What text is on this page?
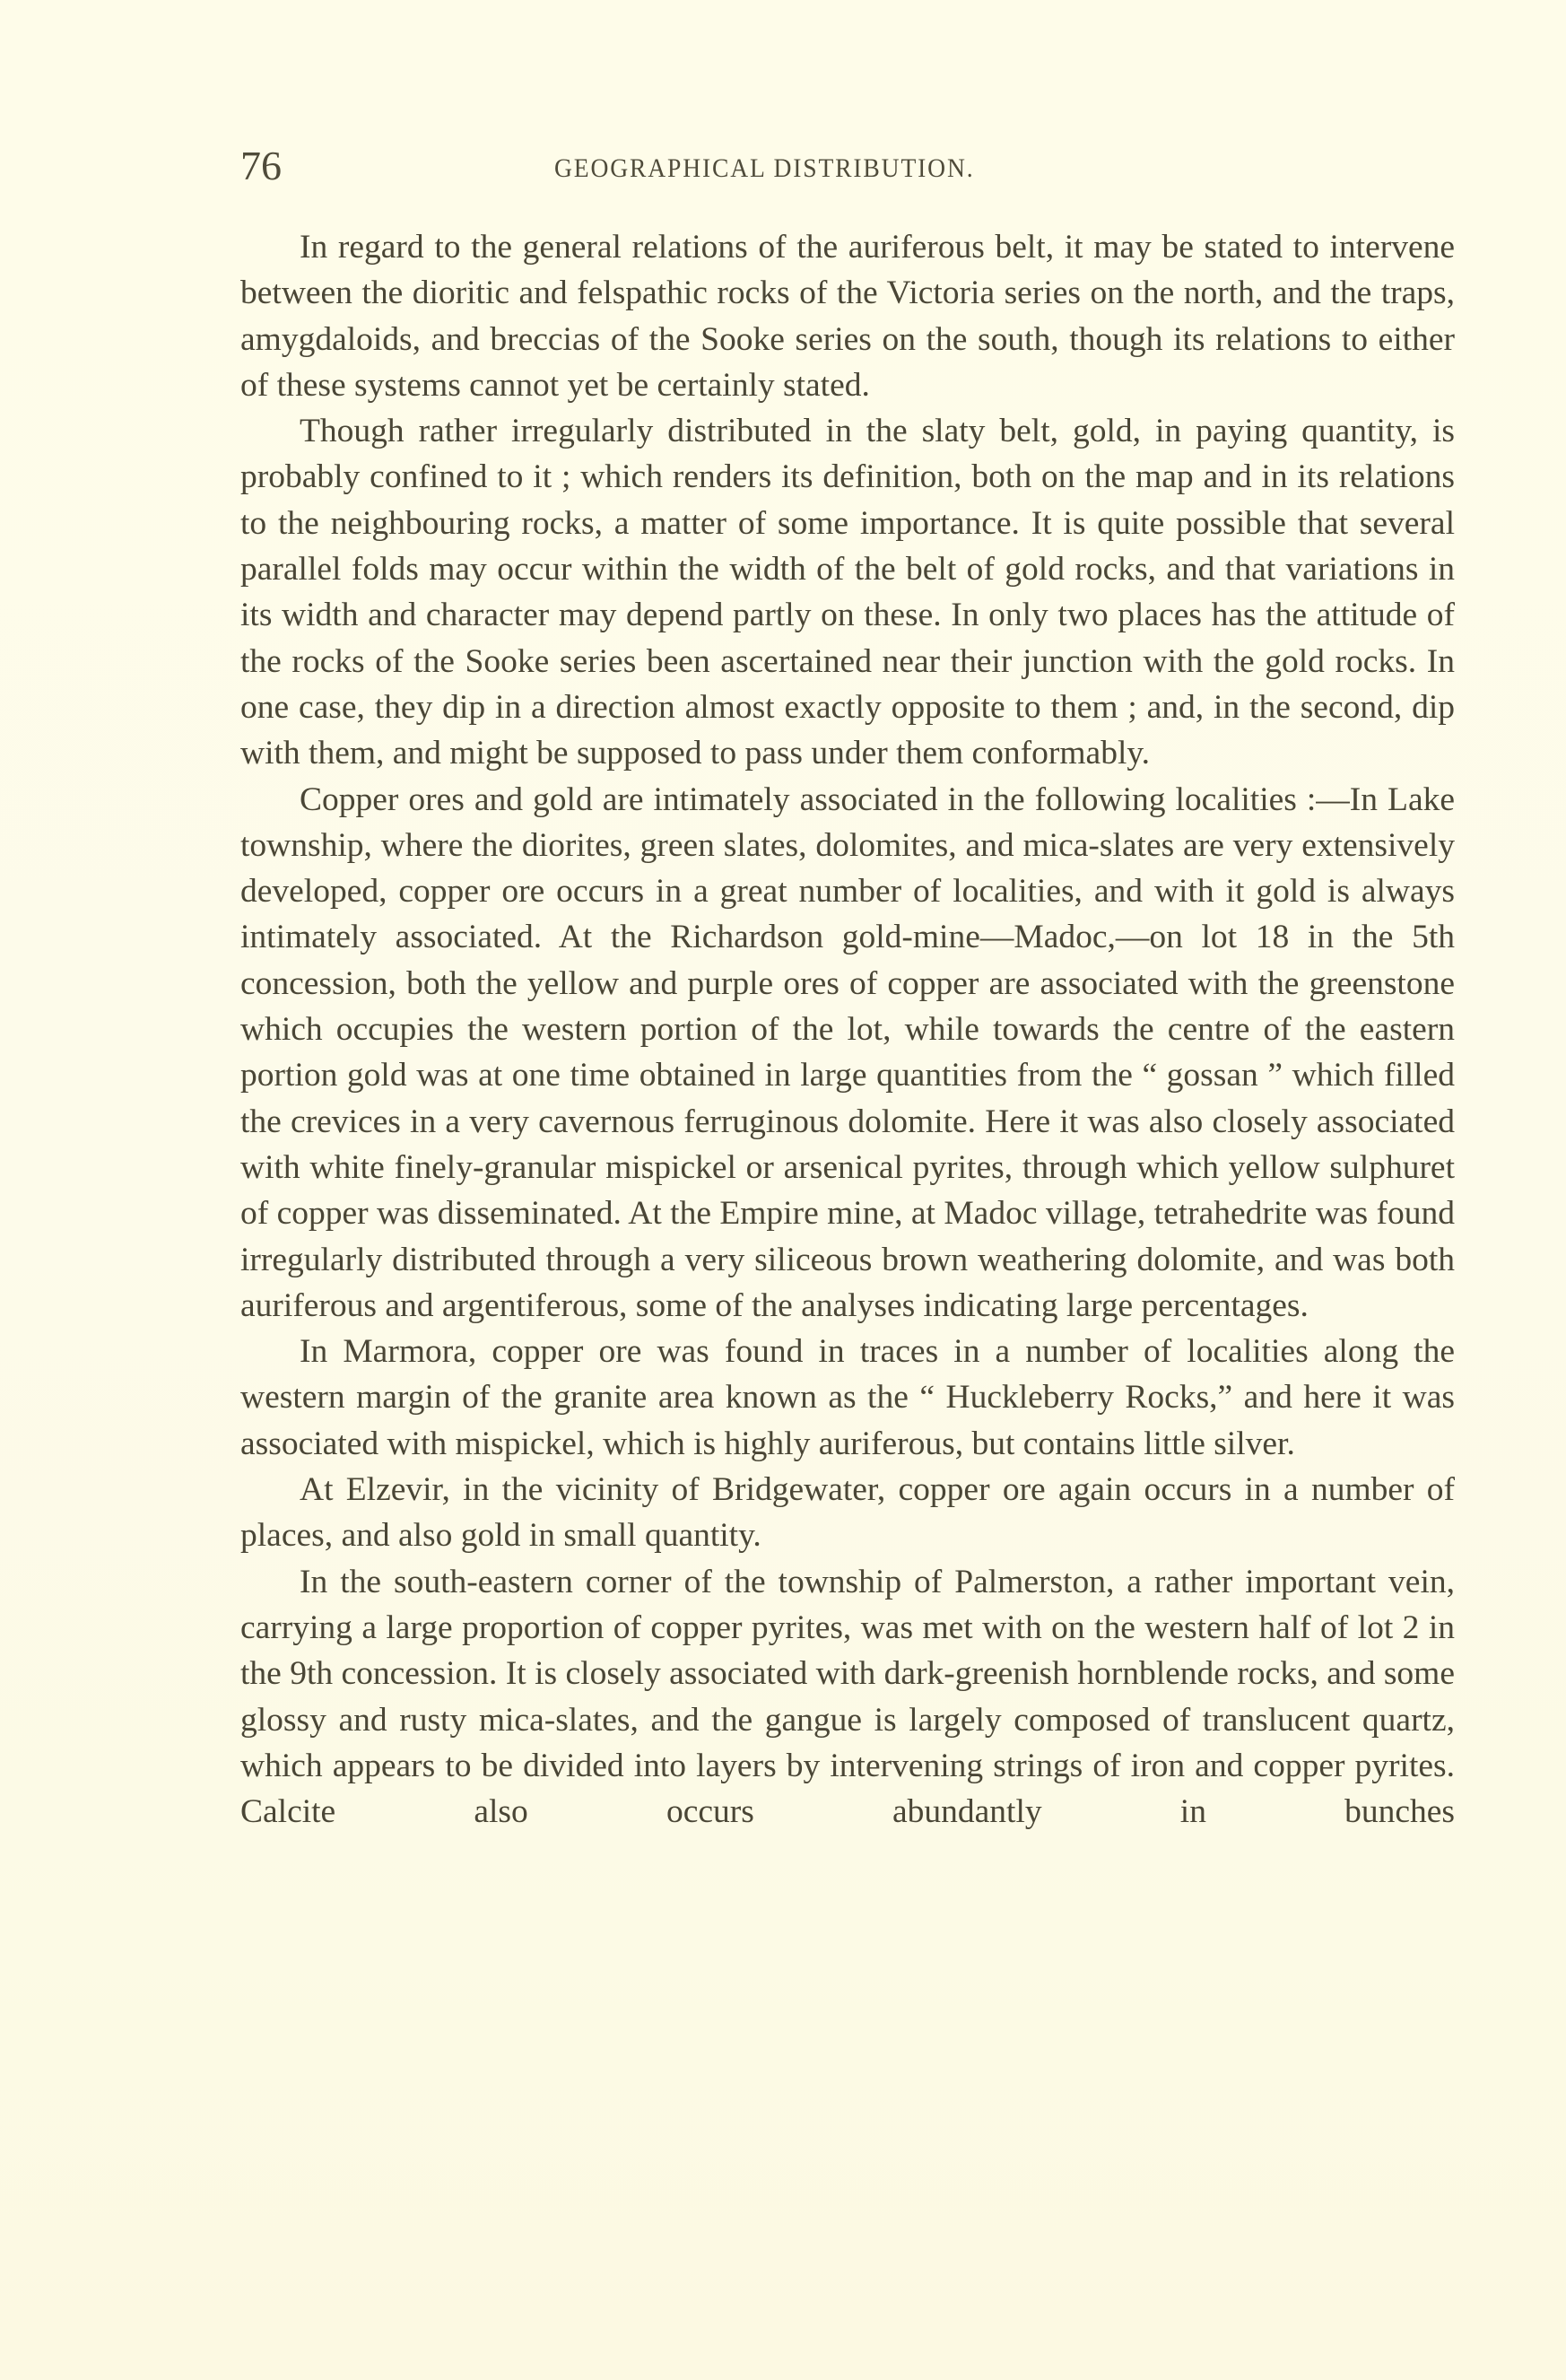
76	GEOGRAPHICAL DISTRIBUTION.

In regard to the general relations of the auriferous belt, it may be stated to intervene between the dioritic and felspathic rocks of the Victoria series on the north, and the traps, amygdaloids, and breccias of the Sooke series on the south, though its relations to either of these systems cannot yet be certainly stated.

Though rather irregularly distributed in the slaty belt, gold, in paying quantity, is probably confined to it ; which renders its definition, both on the map and in its relations to the neighbouring rocks, a matter of some importance. It is quite possible that several parallel folds may occur within the width of the belt of gold rocks, and that variations in its width and character may depend partly on these. In only two places has the attitude of the rocks of the Sooke series been ascertained near their junction with the gold rocks. In one case, they dip in a direction almost exactly opposite to them ; and, in the second, dip with them, and might be supposed to pass under them conformably.

Copper ores and gold are intimately associated in the following localities :—In Lake township, where the diorites, green slates, dolomites, and mica-slates are very extensively developed, copper ore occurs in a great number of localities, and with it gold is always intimately associated. At the Richardson gold-mine—Madoc,—on lot 18 in the 5th concession, both the yellow and purple ores of copper are associated with the greenstone which occupies the western portion of the lot, while towards the centre of the eastern portion gold was at one time obtained in large quantities from the “ gossan ” which filled the crevices in a very cavernous ferruginous dolomite. Here it was also closely associated with white finely-granular mispickel or arsenical pyrites, through which yellow sulphuret of copper was disseminated. At the Empire mine, at Madoc village, tetrahedrite was found irregularly distributed through a very siliceous brown weathering dolomite, and was both auriferous and argentiferous, some of the analyses indicating large percentages.

In Marmora, copper ore was found in traces in a number of localities along the western margin of the granite area known as the “ Huckleberry Rocks,” and here it was associated with mispickel, which is highly auriferous, but contains little silver.

At Elzevir, in the vicinity of Bridgewater, copper ore again occurs in a number of places, and also gold in small quantity.

In the south-eastern corner of the township of Palmerston, a rather important vein, carrying a large proportion of copper pyrites, was met with on the western half of lot 2 in the 9th concession. It is closely associated with dark-greenish hornblende rocks, and some glossy and rusty mica-slates, and the gangue is largely composed of translucent quartz, which appears to be divided into layers by intervening strings of iron and copper pyrites. Calcite also occurs abundantly in bunches
